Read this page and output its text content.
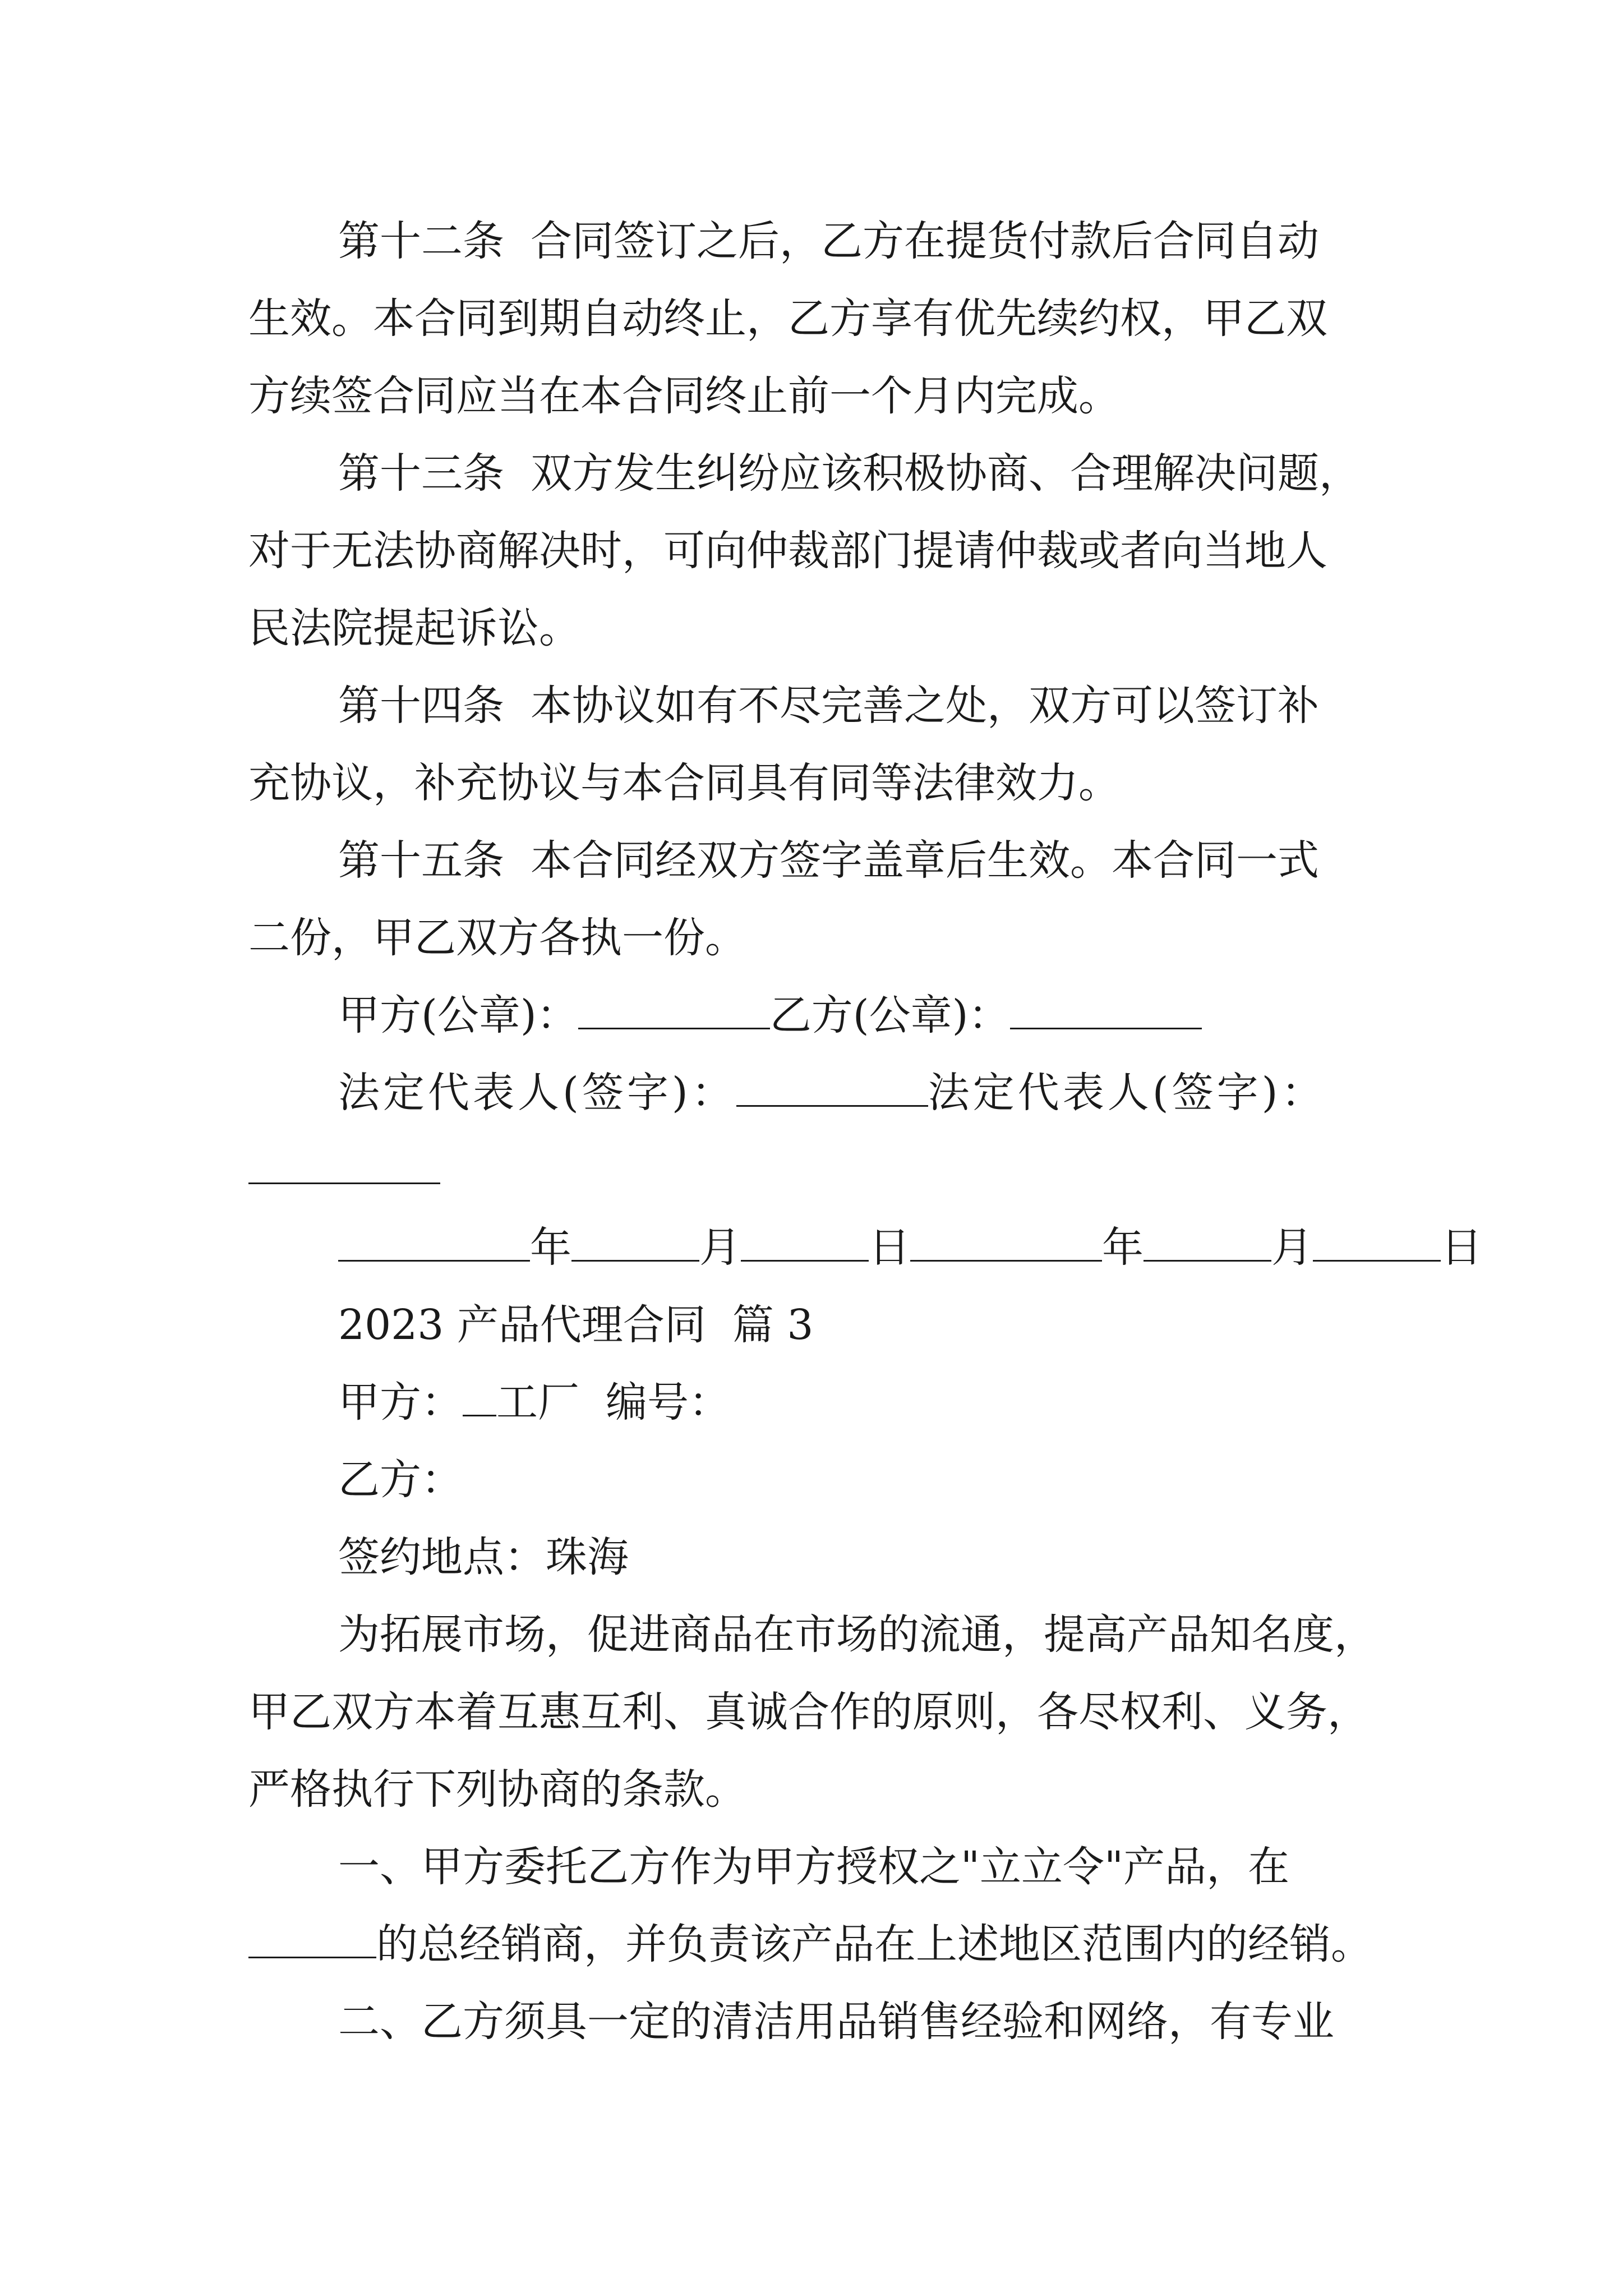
第十二条  合同签订之后，乙方在提货付款后合同自动
生效。本合同到期自动终止，乙方享有优先续约权，甲乙双
方续签合同应当在本合同终止前一个月内完成。
第十三条  双方发生纠纷应该积极协商、合理解决问题，
对于无法协商解决时，可向仲裁部门提请仲裁或者向当地人
民法院提起诉讼。
第十四条  本协议如有不尽完善之处，双方可以签订补
充协议，补充协议与本合同具有同等法律效力。
第十五条  本合同经双方签字盖章后生效。本合同一式
二份，甲乙双方各执一份。
甲方(公章)：	乙方(公章)：
法定代表人(签字)：	法定代表人(签字)：
年	月	日	年	月	日
2023 产品代理合同  篇 3
甲方： 工厂 编号：
乙方：
签约地点：珠海
为拓展市场，促进商品在市场的流通，提高产品知名度，
甲乙双方本着互惠互利、真诚合作的原则，各尽权利、义务，
严格执行下列协商的条款。
一、甲方委托乙方作为甲方授权之"立立令"产品，在
的总经销商，并负责该产品在上述地区范围内的经销。
二、乙方须具一定的清洁用品销售经验和网络，有专业
